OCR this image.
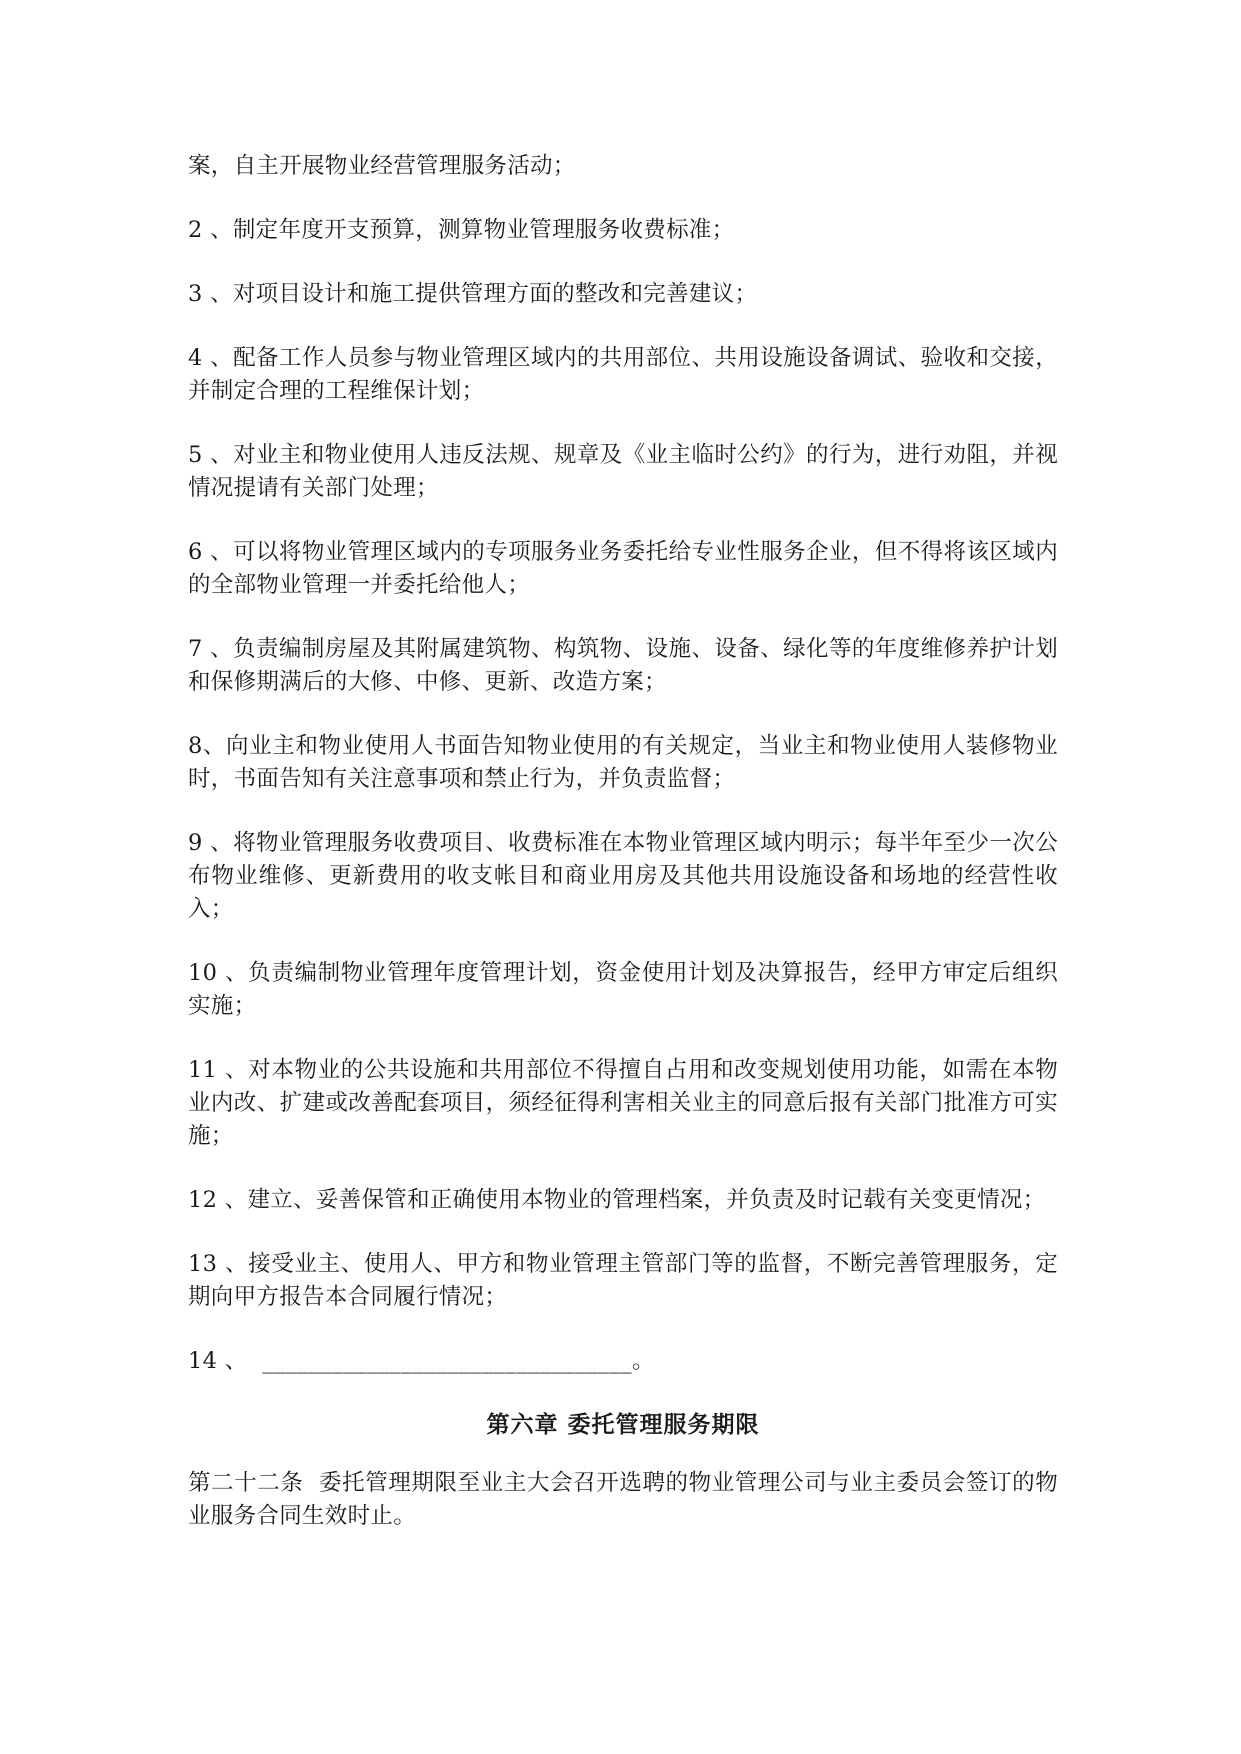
案，自主开展物业经营管理服务活动；

2 、制定年度开支预算，测算物业管理服务收费标准；

3 、对项目设计和施工提供管理方面的整改和完善建议；

4 、配备工作人员参与物业管理区域内的共用部位、共用设施设备调试、验收和交接，并制定合理的工程维保计划；

5 、对业主和物业使用人违反法规、规章及《业主临时公约》的行为，进行劝阻，并视情况提请有关部门处理；

6 、可以将物业管理区域内的专项服务业务委托给专业性服务企业，但不得将该区域内的全部物业管理一并委托给他人；

7 、负责编制房屋及其附属建筑物、构筑物、设施、设备、绿化等的年度维修养护计划和保修期满后的大修、中修、更新、改造方案；

8、向业主和物业使用人书面告知物业使用的有关规定，当业主和物业使用人装修物业时，书面告知有关注意事项和禁止行为，并负责监督；

9 、将物业管理服务收费项目、收费标准在本物业管理区域内明示；每半年至少一次公布物业维修、更新费用的收支帐目和商业用房及其他共用设施设备和场地的经营性收入；

10 、负责编制物业管理年度管理计划，资金使用计划及决算报告，经甲方审定后组织实施；

11 、对本物业的公共设施和共用部位不得擅自占用和改变规划使用功能，如需在本物业内改、扩建或改善配套项目，须经征得利害相关业主的同意后报有关部门批准方可实施；

12 、建立、妥善保管和正确使用本物业的管理档案，并负责及时记载有关变更情况；

13 、接受业主、使用人、甲方和物业管理主管部门等的监督，不断完善管理服务，定期向甲方报告本合同履行情况；

14 、  ________________________________。

第六章 委托管理服务期限

第二十二条  委托管理期限至业主大会召开选聘的物业管理公司与业主委员会签订的物业服务合同生效时止。
